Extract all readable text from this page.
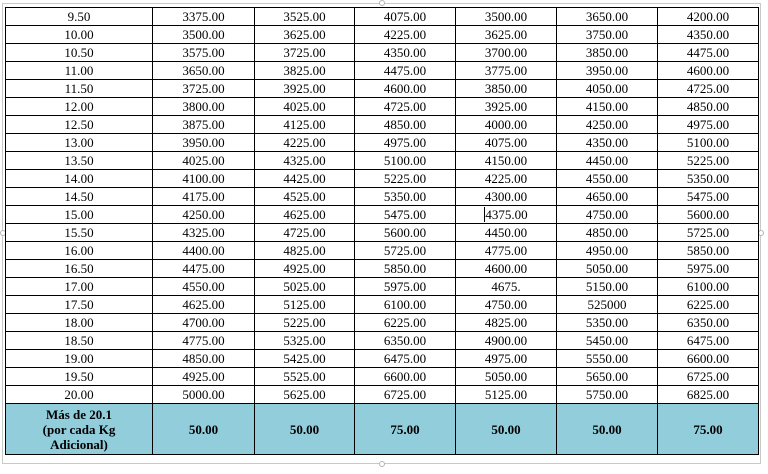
9.50	3375.00	3525.00	4075.00	3500.00	3650.00	4200.00
10.00	3500.00	3625.00	4225.00	3625.00	3750.00	4350.00
10.50	3575.00	3725.00	4350.00	3700.00	3850.00	4475.00
11.00	3650.00	3825.00	4475.00	3775.00	3950.00	4600.00
11.50	3725.00	3925.00	4600.00	3850.00	4050.00	4725.00
12.00	3800.00	4025.00	4725.00	3925.00	4150.00	4850.00
12.50	3875.00	4125.00	4850.00	4000.00	4250.00	4975.00
13.00	3950.00	4225.00	4975.00	4075.00	4350.00	5100.00
13.50	4025.00	4325.00	5100.00	4150.00	4450.00	5225.00
14.00	4100.00	4425.00	5225.00	4225.00	4550.00	5350.00
14.50	4175.00	4525.00	5350.00	4300.00	4650.00	5475.00
15.00	4250.00	4625.00	5475.00	4375.00	4750.00	5600.00
15.50	4325.00	4725.00	5600.00	4450.00	4850.00	5725.00
16.00	4400.00	4825.00	5725.00	4775.00	4950.00	5850.00
16.50	4475.00	4925.00	5850.00	4600.00	5050.00	5975.00
17.00	4550.00	5025.00	5975.00	4675.	5150.00	6100.00
17.50	4625.00	5125.00	6100.00	4750.00	525000	6225.00
18.00	4700.00	5225.00	6225.00	4825.00	5350.00	6350.00
18.50	4775.00	5325.00	6350.00	4900.00	5450.00	6475.00
19.00	4850.00	5425.00	6475.00	4975.00	5550.00	6600.00
19.50	4925.00	5525.00	6600.00	5050.00	5650.00	6725.00
20.00	5000.00	5625.00	6725.00	5125.00	5750.00	6825.00

Más de 20.1
(por cada Kg
Adicional)	50.00	50.00	75.00	50.00	50.00	75.00
